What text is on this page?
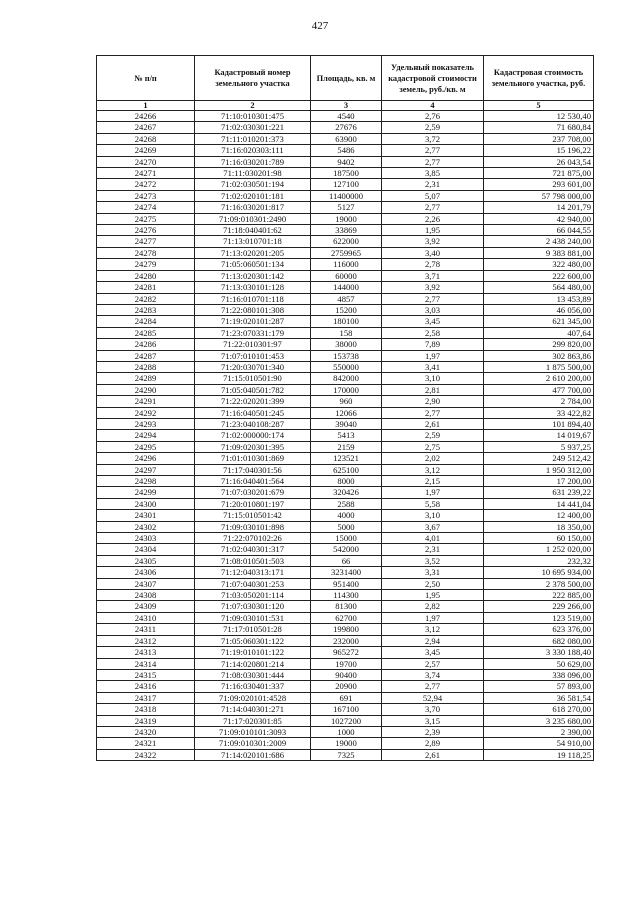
427
№ п/п	Кадастровый номер земельного участка	Площадь, кв. м	Удельный показатель кадастровой стоимости земель, руб./кв. м	Кадастровая стоимость земельного участка, руб.
1	2	3	4	5
24266	71:10:010301:475	4540	2,76	12 530,40
24267	71:02:030301:221	27676	2,59	71 680,84
24268	71:11:010201:373	63900	3,72	237 708,00
24269	71:16:020303:111	5486	2,77	15 196,22
24270	71:16:030201:789	9402	2,77	26 043,54
24271	71:11:030201:98	187500	3,85	721 875,00
24272	71:02:030501:194	127100	2,31	293 601,00
24273	71:02:020101:181	11400000	5,07	57 798 000,00
24274	71:16:030201:817	5127	2,77	14 201,79
24275	71:09:010301:2490	19000	2,26	42 940,00
24276	71:18:040401:62	33869	1,95	66 044,55
24277	71:13:010701:18	622000	3,92	2 438 240,00
24278	71:13:020201:205	2759965	3,40	9 383 881,00
24279	71:05:060501:134	116000	2,78	322 480,00
24280	71:13:020301:142	60000	3,71	222 600,00
24281	71:13:030101:128	144000	3,92	564 480,00
24282	71:16:010701:118	4857	2,77	13 453,89
24283	71:22:080101:308	15200	3,03	46 056,00
24284	71:19:020101:287	180100	3,45	621 345,00
24285	71:23:070331:179	158	2,58	407,64
24286	71:22:010301:97	38000	7,89	299 820,00
24287	71:07:010101:453	153738	1,97	302 863,86
24288	71:20:030701:340	550000	3,41	1 875 500,00
24289	71:15:010501:90	842000	3,10	2 610 200,00
24290	71:05:040501:782	170000	2,81	477 700,00
24291	71:22:020201:399	960	2,90	2 784,00
24292	71:16:040501:245	12066	2,77	33 422,82
24293	71:23:040108:287	39040	2,61	101 894,40
24294	71:02:000000:174	5413	2,59	14 019,67
24295	71:09:020301:395	2159	2,75	5 937,25
24296	71:01:010301:869	123521	2,02	249 512,42
24297	71:17:040301:56	625100	3,12	1 950 312,00
24298	71:16:040401:564	8000	2,15	17 200,00
24299	71:07:030201:679	320426	1,97	631 239,22
24300	71:20:010801:197	2588	5,58	14 441,04
24301	71:15:010501:42	4000	3,10	12 400,00
24302	71:09:030101:898	5000	3,67	18 350,00
24303	71:22:070102:26	15000	4,01	60 150,00
24304	71:02:040301:317	542000	2,31	1 252 020,00
24305	71:08:010501:503	66	3,52	232,32
24306	71:12:040313:171	3231400	3,31	10 695 934,00
24307	71:07:040301:253	951400	2,50	2 378 500,00
24308	71:03:050201:114	114300	1,95	222 885,00
24309	71:07:030301:120	81300	2,82	229 266,00
24310	71:09:030101:531	62700	1,97	123 519,00
24311	71:17:010501:28	199800	3,12	623 376,00
24312	71:05:060301:122	232000	2,94	682 080,00
24313	71:19:010101:122	965272	3,45	3 330 188,40
24314	71:14:020801:214	19700	2,57	50 629,00
24315	71:08:030301:444	90400	3,74	338 096,00
24316	71:16:030401:337	20900	2,77	57 893,00
24317	71:09:020101:4528	691	52,94	36 581,54
24318	71:14:040301:271	167100	3,70	618 270,00
24319	71:17:020301:85	1027200	3,15	3 235 680,00
24320	71:09:010101:3093	1000	2,39	2 390,00
24321	71:09:010301:2009	19000	2,89	54 910,00
24322	71:14:020101:686	7325	2,61	19 118,25
